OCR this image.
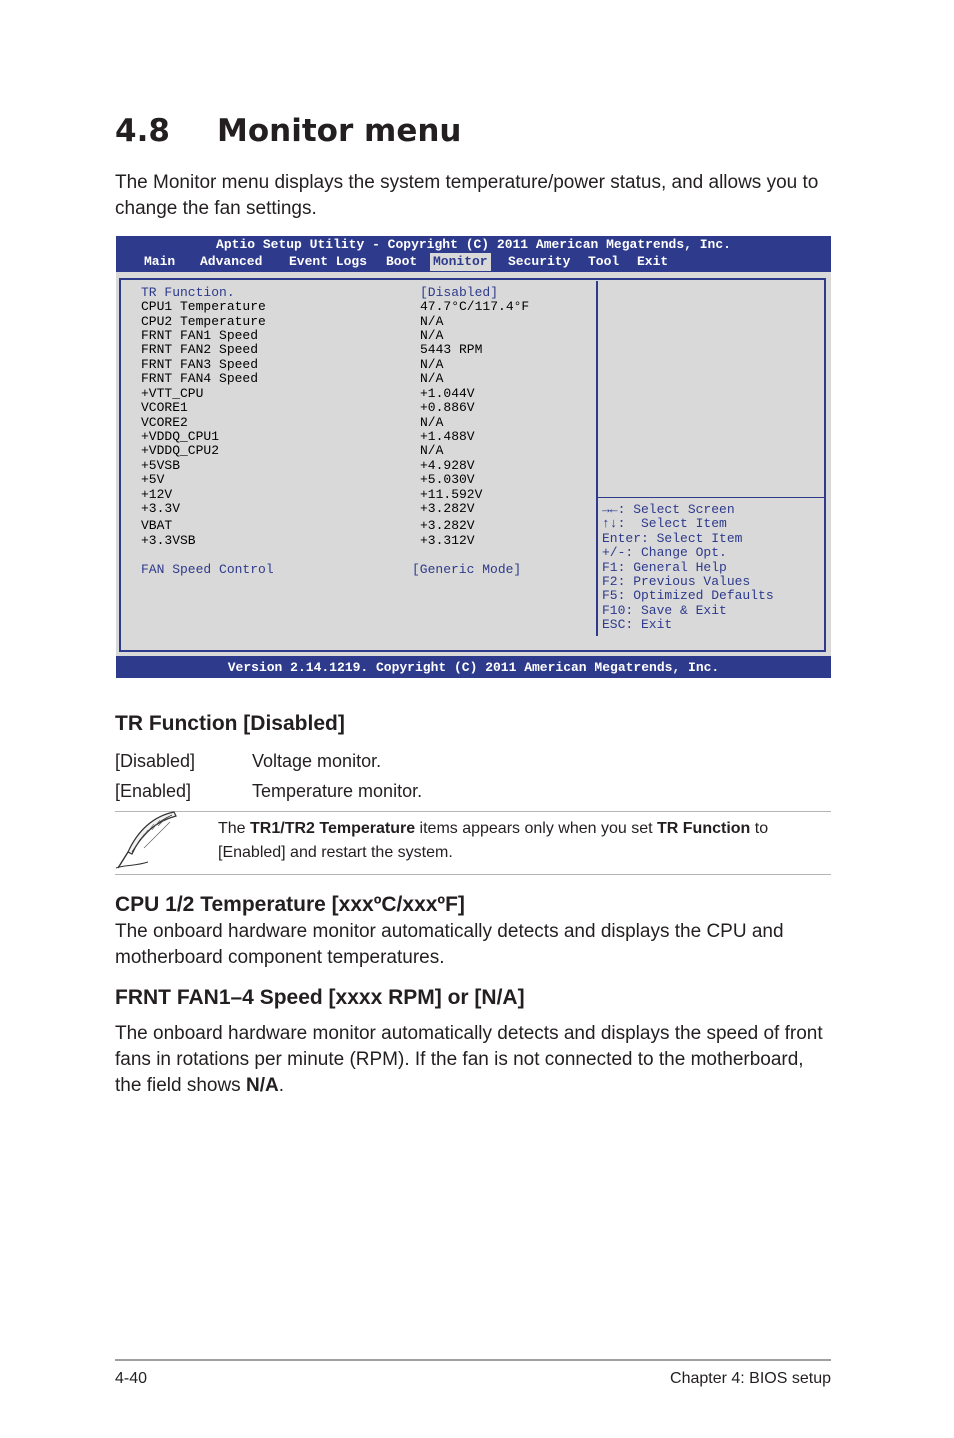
4.8 Monitor menu
The Monitor menu displays the system temperature/power status, and allows you to change the fan settings.
Aptio Setup Utility - Copyright (C) 2011 American Megatrends, Inc.
Main Advanced Event Logs Boot Monitor Security Tool Exit
TR Function.	[Disabled]
CPU1 Temperature	47.7°C/117.4°F
CPU2 Temperature	N/A
FRNT FAN1 Speed	N/A
FRNT FAN2 Speed	5443 RPM
FRNT FAN3 Speed	N/A
FRNT FAN4 Speed	N/A
+VTT_CPU	+1.044V
VCORE1	+0.886V
VCORE2	N/A
+VDDQ_CPU1	+1.488V
+VDDQ_CPU2	N/A
+5VSB	+4.928V
+5V	+5.030V
+12V	+11.592V
+3.3V	+3.282V
VBAT	+3.282V
+3.3VSB	+3.312V
FAN Speed Control	[Generic Mode]
→←: Select Screen
↑↓:  Select Item
Enter: Select Item
+/-: Change Opt.
F1: General Help
F2: Previous Values
F5: Optimized Defaults
F10: Save & Exit
ESC: Exit
Version 2.14.1219. Copyright (C) 2011 American Megatrends, Inc.
TR Function [Disabled]
[Disabled]	Voltage monitor.
[Enabled]	Temperature monitor.
The TR1/TR2 Temperature items appears only when you set TR Function to [Enabled] and restart the system.
CPU 1/2 Temperature [xxxºC/xxxºF]
The onboard hardware monitor automatically detects and displays the CPU and motherboard component temperatures.
FRNT FAN1–4 Speed [xxxx RPM] or [N/A]
The onboard hardware monitor automatically detects and displays the speed of front fans in rotations per minute (RPM). If the fan is not connected to the motherboard, the field shows N/A.
4-40	Chapter 4: BIOS setup
